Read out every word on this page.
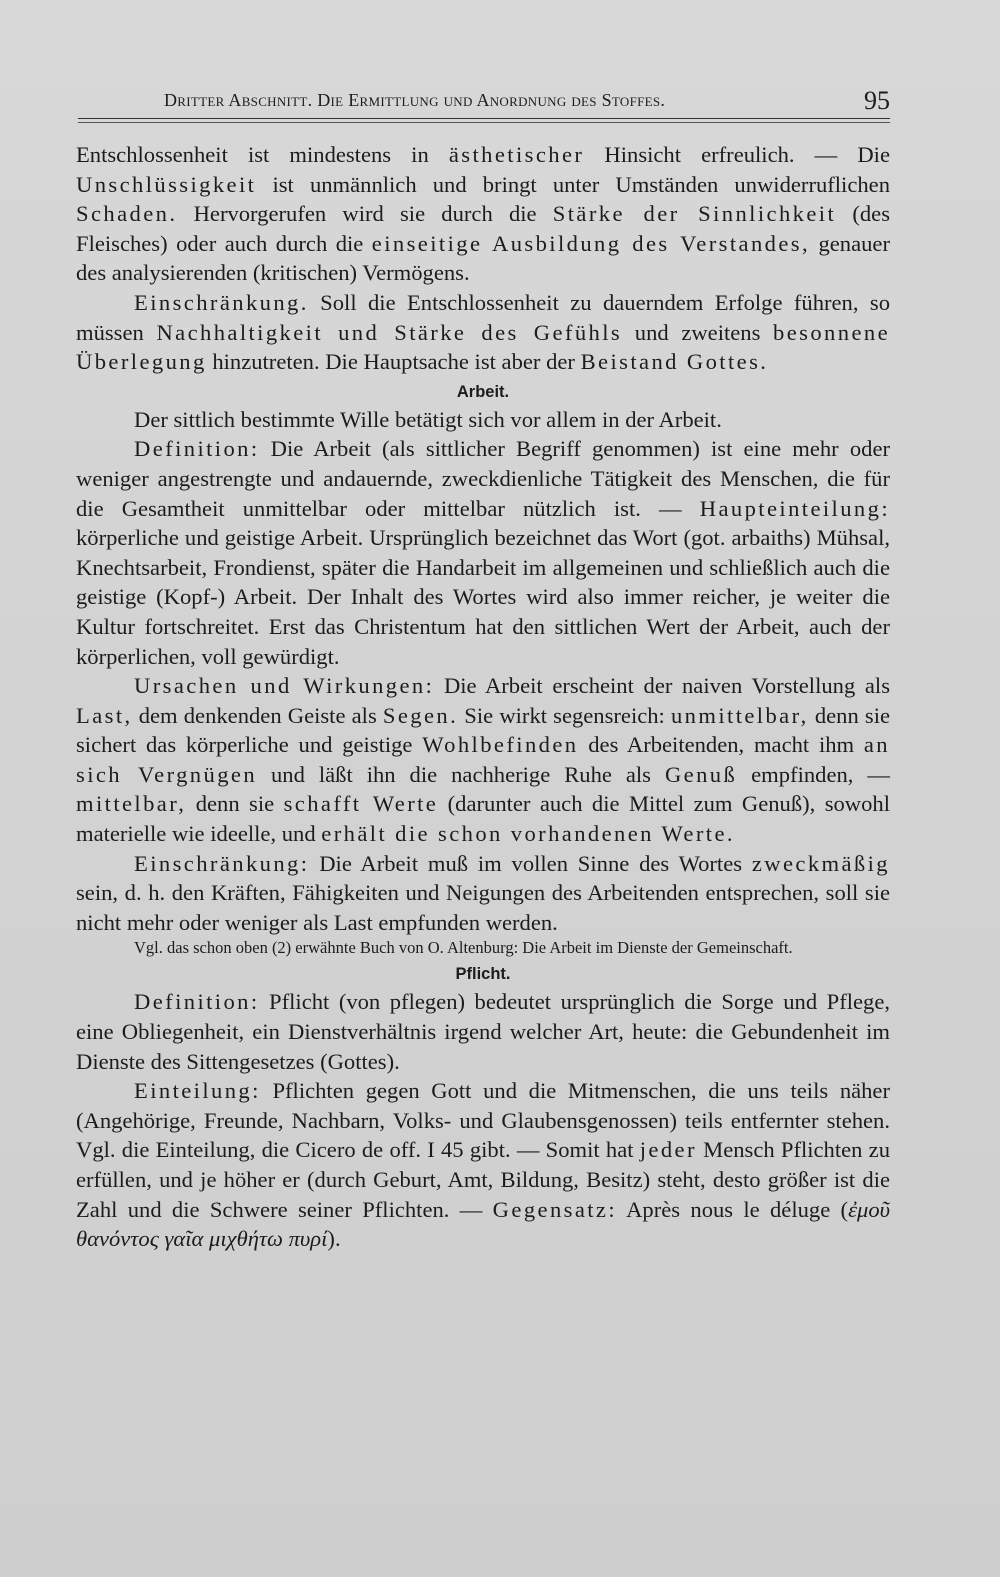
Dritter Abschnitt. Die Ermittlung und Anordnung des Stoffes.	95

Entschlossenheit ist mindestens in ästhetischer Hinsicht erfreulich. — Die Unschlüssigkeit ist unmännlich und bringt unter Umständen unwiderruflichen Schaden. Hervorgerufen wird sie durch die Stärke der Sinnlichkeit (des Fleisches) oder auch durch die einseitige Ausbildung des Verstandes, genauer des analysierenden (kritischen) Vermögens.

Einschränkung. Soll die Entschlossenheit zu dauerndem Erfolge führen, so müssen Nachhaltigkeit und Stärke des Gefühls und zweitens besonnene Überlegung hinzutreten. Die Hauptsache ist aber der Beistand Gottes.

Arbeit.

Der sittlich bestimmte Wille betätigt sich vor allem in der Arbeit.

Definition: Die Arbeit (als sittlicher Begriff genommen) ist eine mehr oder weniger angestrengte und andauernde, zweckdienliche Tätigkeit des Menschen, die für die Gesamtheit unmittelbar oder mittelbar nützlich ist. — Haupteinteilung: körperliche und geistige Arbeit. Ursprünglich bezeichnet das Wort (got. arbaiths) Mühsal, Knechtsarbeit, Frondienst, später die Handarbeit im allgemeinen und schließlich auch die geistige (Kopf-) Arbeit. Der Inhalt des Wortes wird also immer reicher, je weiter die Kultur fortschreitet. Erst das Christentum hat den sittlichen Wert der Arbeit, auch der körperlichen, voll gewürdigt.

Ursachen und Wirkungen: Die Arbeit erscheint der naiven Vorstellung als Last, dem denkenden Geiste als Segen. Sie wirkt segensreich: unmittelbar, denn sie sichert das körperliche und geistige Wohlbefinden des Arbeitenden, macht ihm an sich Vergnügen und läßt ihn die nachherige Ruhe als Genuß empfinden, — mittelbar, denn sie schafft Werte (darunter auch die Mittel zum Genuß), sowohl materielle wie ideelle, und erhält die schon vorhandenen Werte.

Einschränkung: Die Arbeit muß im vollen Sinne des Wortes zweckmäßig sein, d. h. den Kräften, Fähigkeiten und Neigungen des Arbeitenden entsprechen, soll sie nicht mehr oder weniger als Last empfunden werden.

Vgl. das schon oben (2) erwähnte Buch von O. Altenburg: Die Arbeit im Dienste der Gemeinschaft.

Pflicht.

Definition: Pflicht (von pflegen) bedeutet ursprünglich die Sorge und Pflege, eine Obliegenheit, ein Dienstverhältnis irgend welcher Art, heute: die Gebundenheit im Dienste des Sittengesetzes (Gottes).

Einteilung: Pflichten gegen Gott und die Mitmenschen, die uns teils näher (Angehörige, Freunde, Nachbarn, Volks- und Glaubensgenossen) teils entfernter stehen. Vgl. die Einteilung, die Cicero de off. I 45 gibt. — Somit hat jeder Mensch Pflichten zu erfüllen, und je höher er (durch Geburt, Amt, Bildung, Besitz) steht, desto größer ist die Zahl und die Schwere seiner Pflichten. — Gegensatz: Après nous le déluge (ἐμοῦ θανόντος γαῖα μιχθήτω πυρί).
